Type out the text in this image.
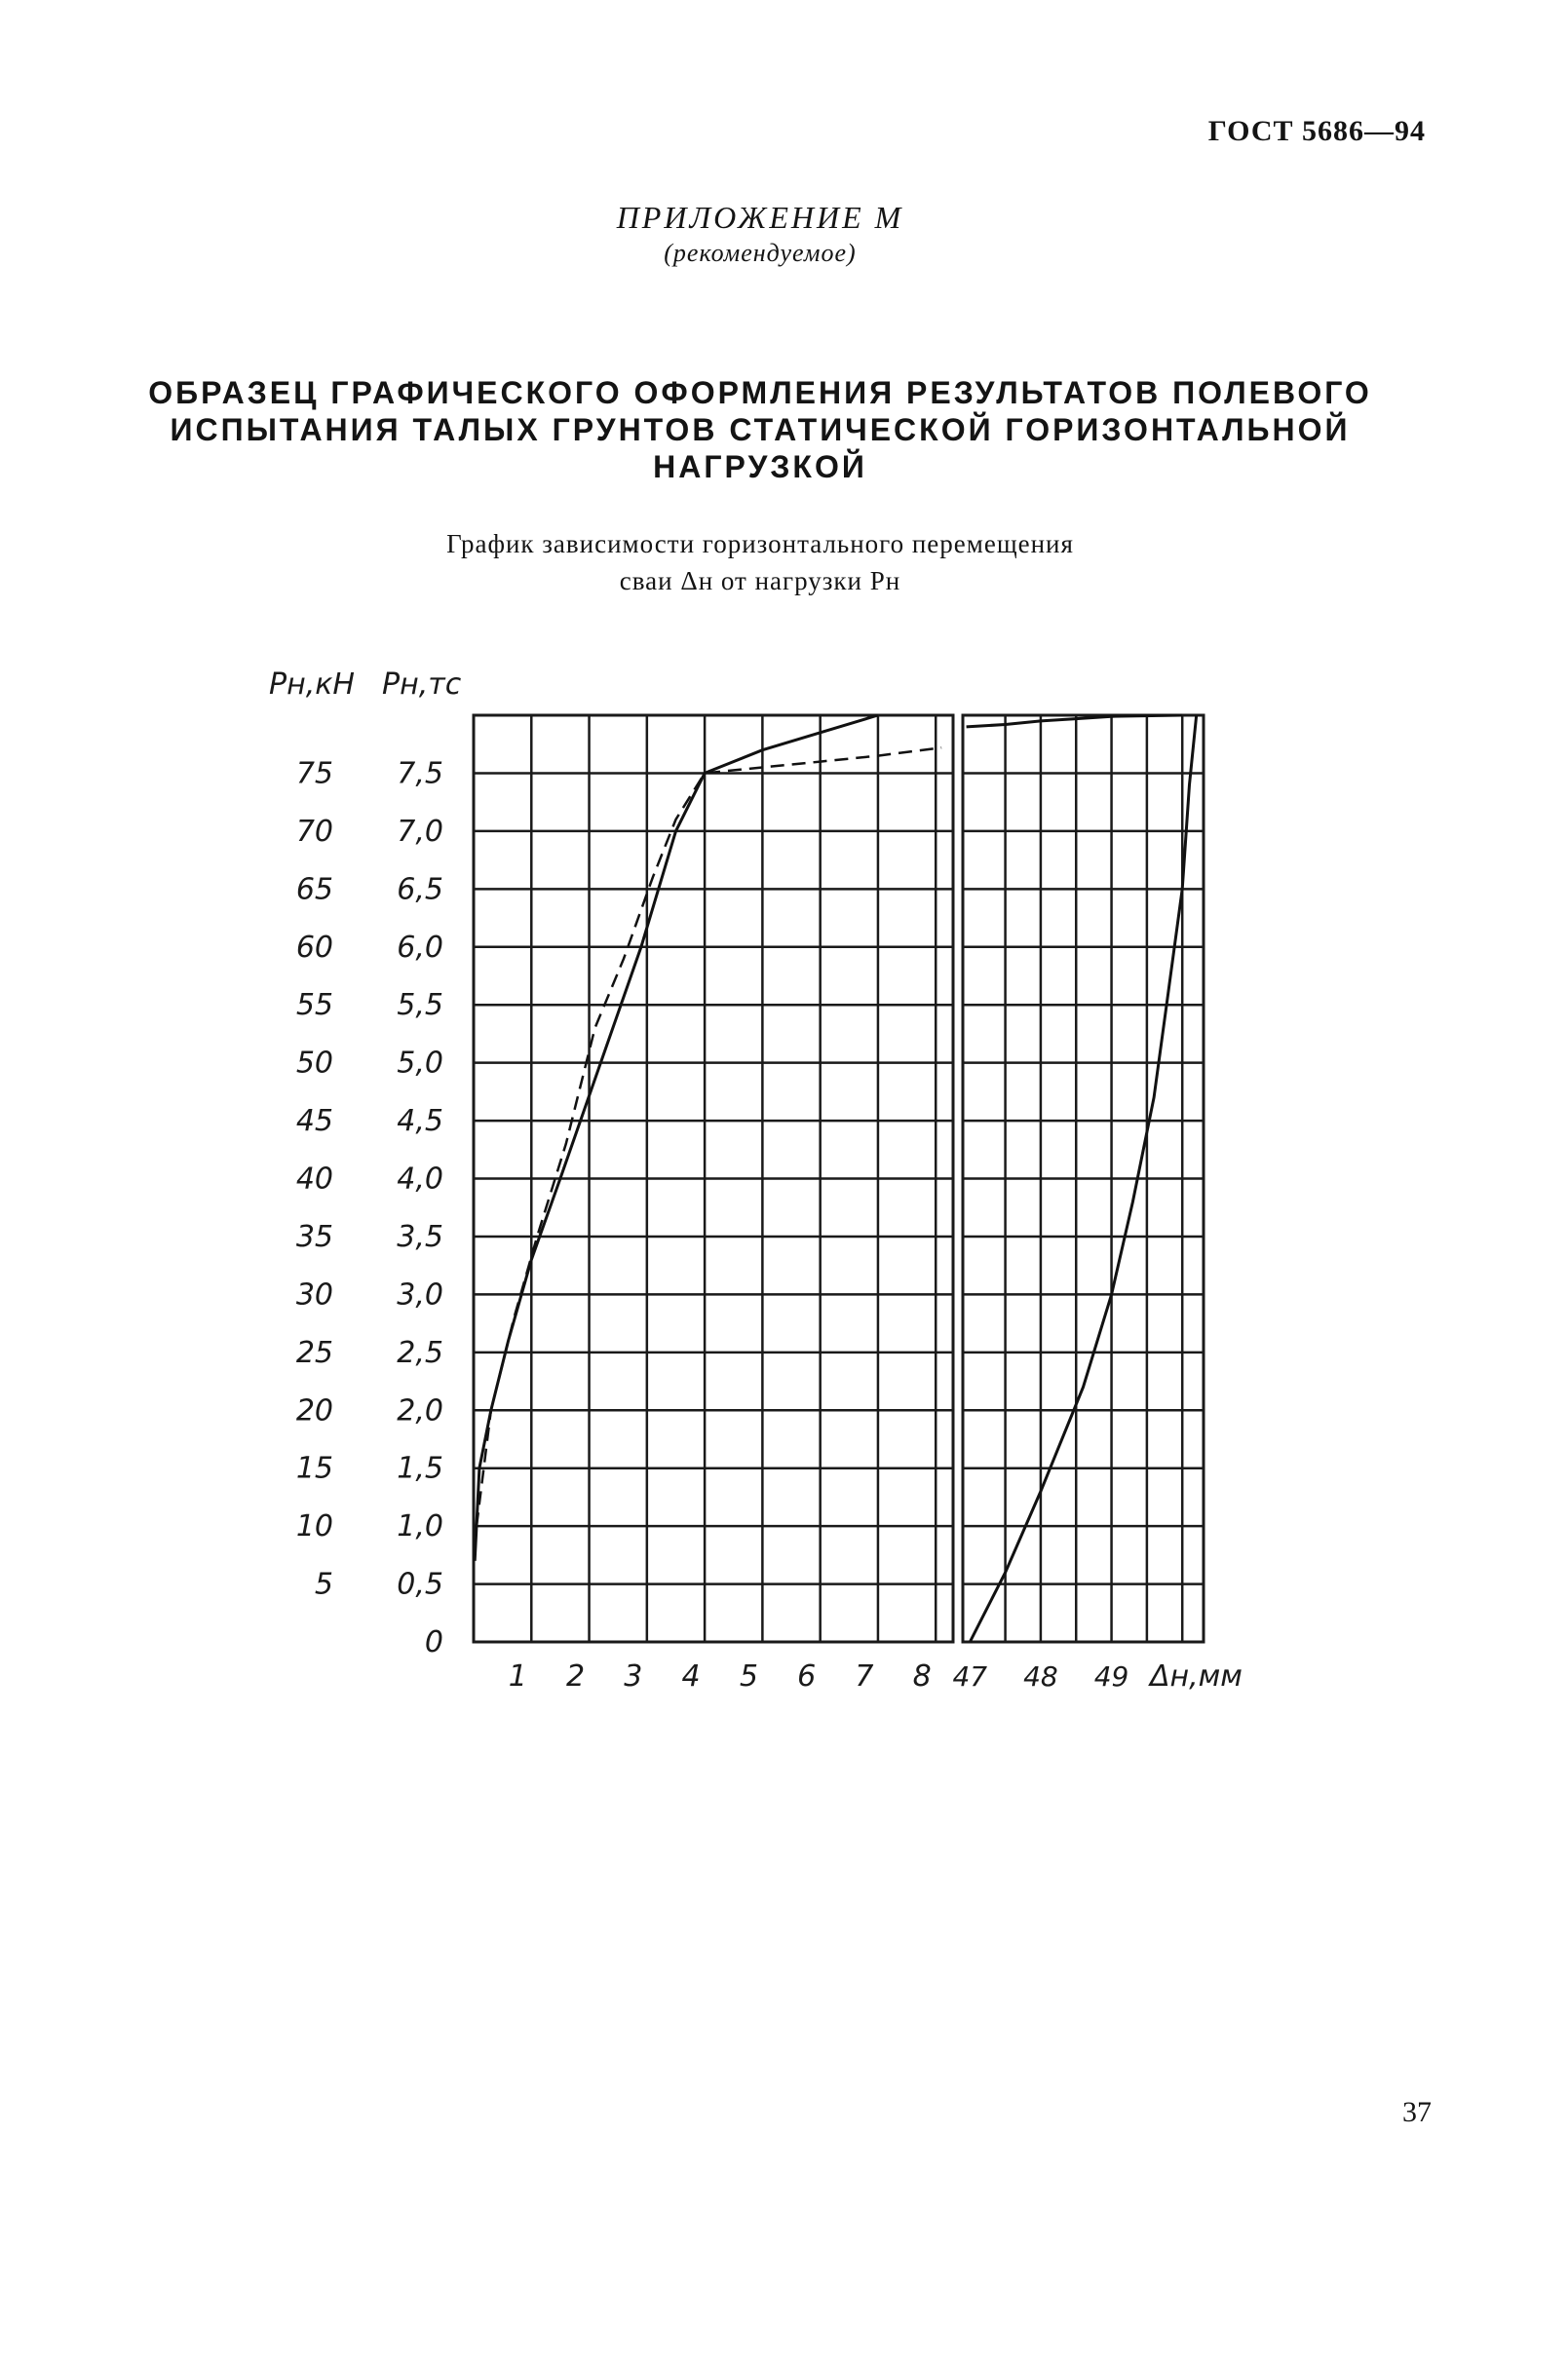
ГОСТ 5686—94
ПРИЛОЖЕНИЕ М
(рекомендуемое)
ОБРАЗЕЦ ГРАФИЧЕСКОГО ОФОРМЛЕНИЯ РЕЗУЛЬТАТОВ ПОЛЕВОГО
ИСПЫТАНИЯ ТАЛЫХ ГРУНТОВ СТАТИЧЕСКОЙ ГОРИЗОНТАЛЬНОЙ
НАГРУЗКОЙ
График зависимости горизонтального перемещения
сваи Δн от нагрузки Рн
Рн,кН Рн,тс
75
70
65
60
55
50
45
40
35
30
25
20
15
10
5
7,5
7,0
6,5
6,0
5,5
5,0
4,5
4,0
3,5
3,0
2,5
2,0
1,5
1,0
0,5
0
1 2 3 4 5 6 7 8 47 48 49 Δн,мм
37
